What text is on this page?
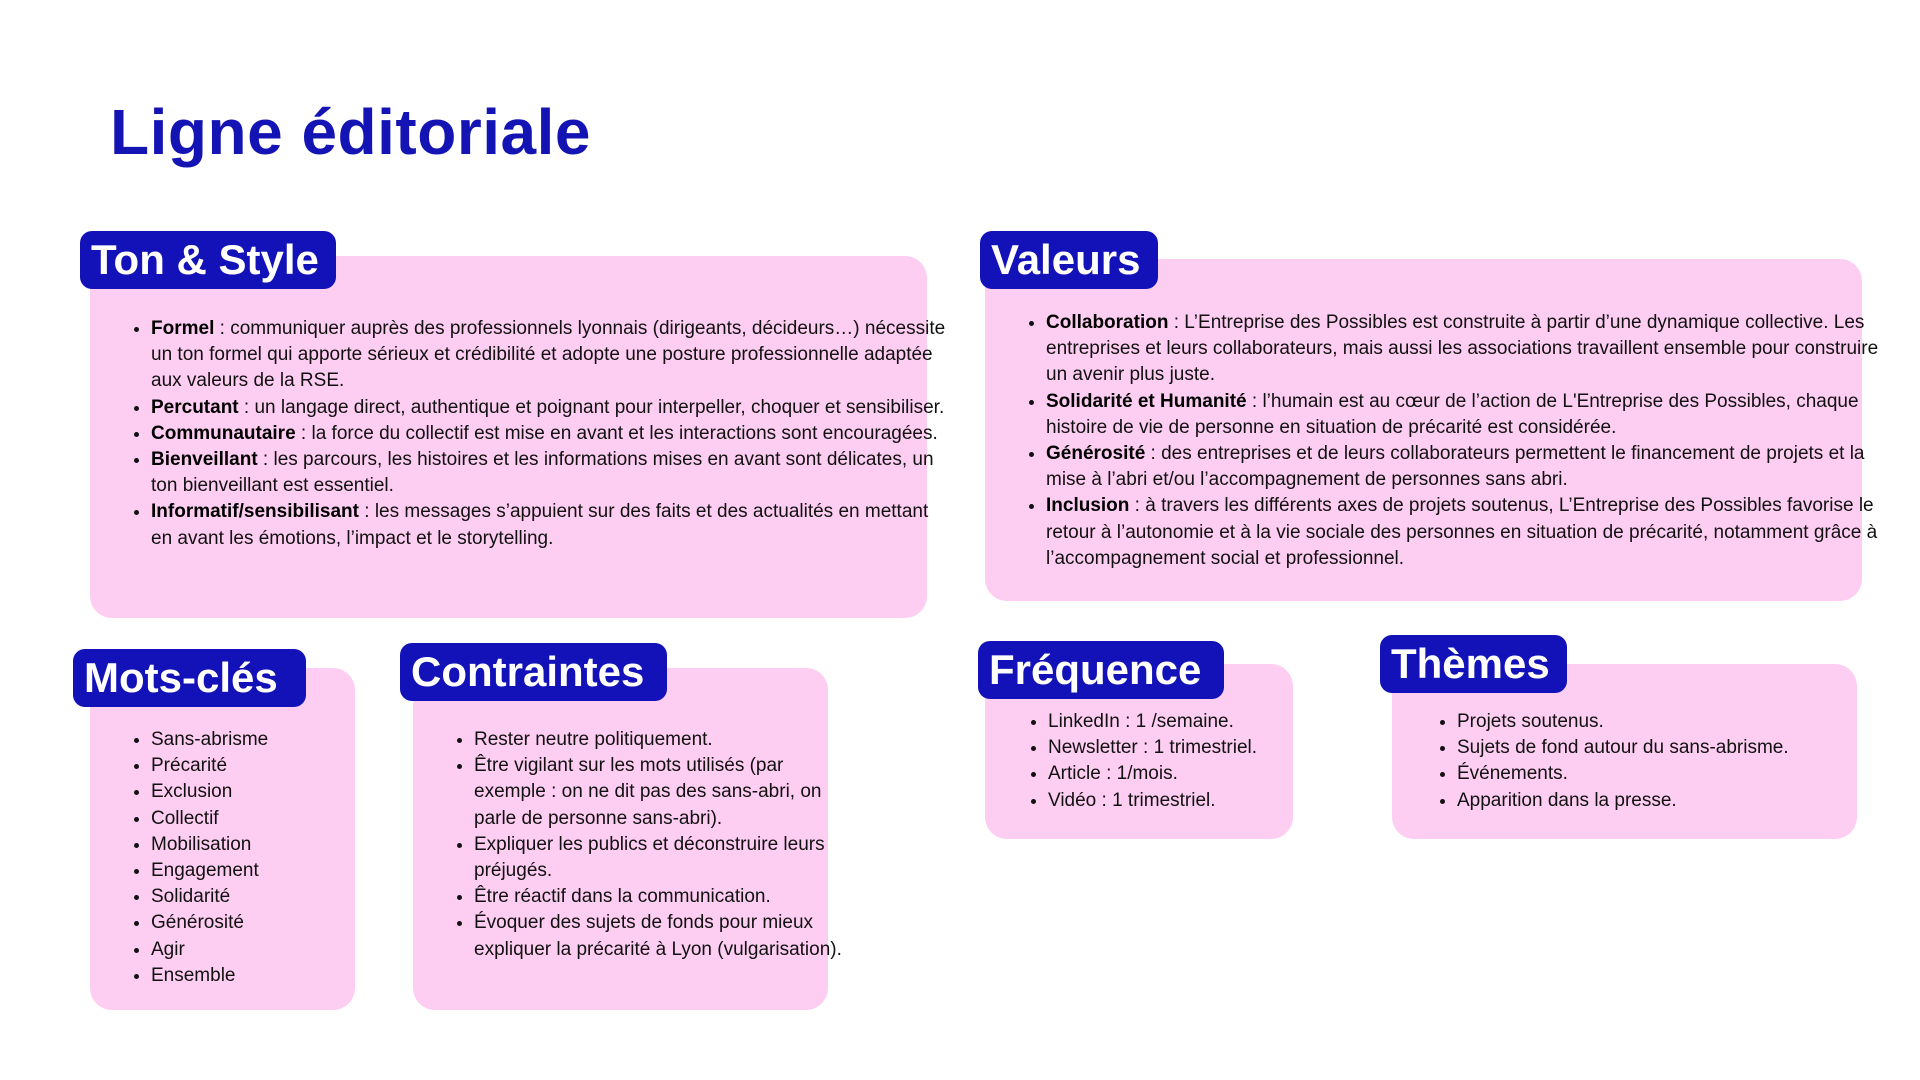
Ligne éditoriale
Ton & Style
• Formel : communiquer auprès des professionnels lyonnais (dirigeants, décideurs…) nécessite un ton formel qui apporte sérieux et crédibilité et adopte une posture professionnelle adaptée aux valeurs de la RSE.
• Percutant : un langage direct, authentique et poignant pour interpeller, choquer et sensibiliser.
• Communautaire : la force du collectif est mise en avant et les interactions sont encouragées.
• Bienveillant : les parcours, les histoires et les informations mises en avant sont délicates, un ton bienveillant est essentiel.
• Informatif/sensibilisant : les messages s’appuient sur des faits et des actualités en mettant en avant les émotions, l’impact et le storytelling.
Valeurs
• Collaboration : L’Entreprise des Possibles est construite à partir d’une dynamique collective. Les entreprises et leurs collaborateurs, mais aussi les associations travaillent ensemble pour construire un avenir plus juste.
• Solidarité et Humanité : l’humain est au cœur de l’action de L'Entreprise des Possibles, chaque histoire de vie de personne en situation de précarité est considérée.
• Générosité : des entreprises et de leurs collaborateurs permettent le financement de projets et la mise à l’abri et/ou l’accompagnement de personnes sans abri.
• Inclusion : à travers les différents axes de projets soutenus, L’Entreprise des Possibles favorise le retour à l’autonomie et à la vie sociale des personnes en situation de précarité, notamment grâce à l’accompagnement social et professionnel.
Mots-clés
• Sans-abrisme
• Précarité
• Exclusion
• Collectif
• Mobilisation
• Engagement
• Solidarité
• Générosité
• Agir
• Ensemble
Contraintes
• Rester neutre politiquement.
• Être vigilant sur les mots utilisés (par exemple : on ne dit pas des sans-abri, on parle de personne sans-abri).
• Expliquer les publics et déconstruire leurs préjugés.
• Être réactif dans la communication.
• Évoquer des sujets de fonds pour mieux expliquer la précarité à Lyon (vulgarisation).
Fréquence
• LinkedIn : 1 /semaine.
• Newsletter : 1 trimestriel.
• Article : 1/mois.
• Vidéo : 1 trimestriel.
Thèmes
• Projets soutenus.
• Sujets de fond autour du sans-abrisme.
• Événements.
• Apparition dans la presse.
